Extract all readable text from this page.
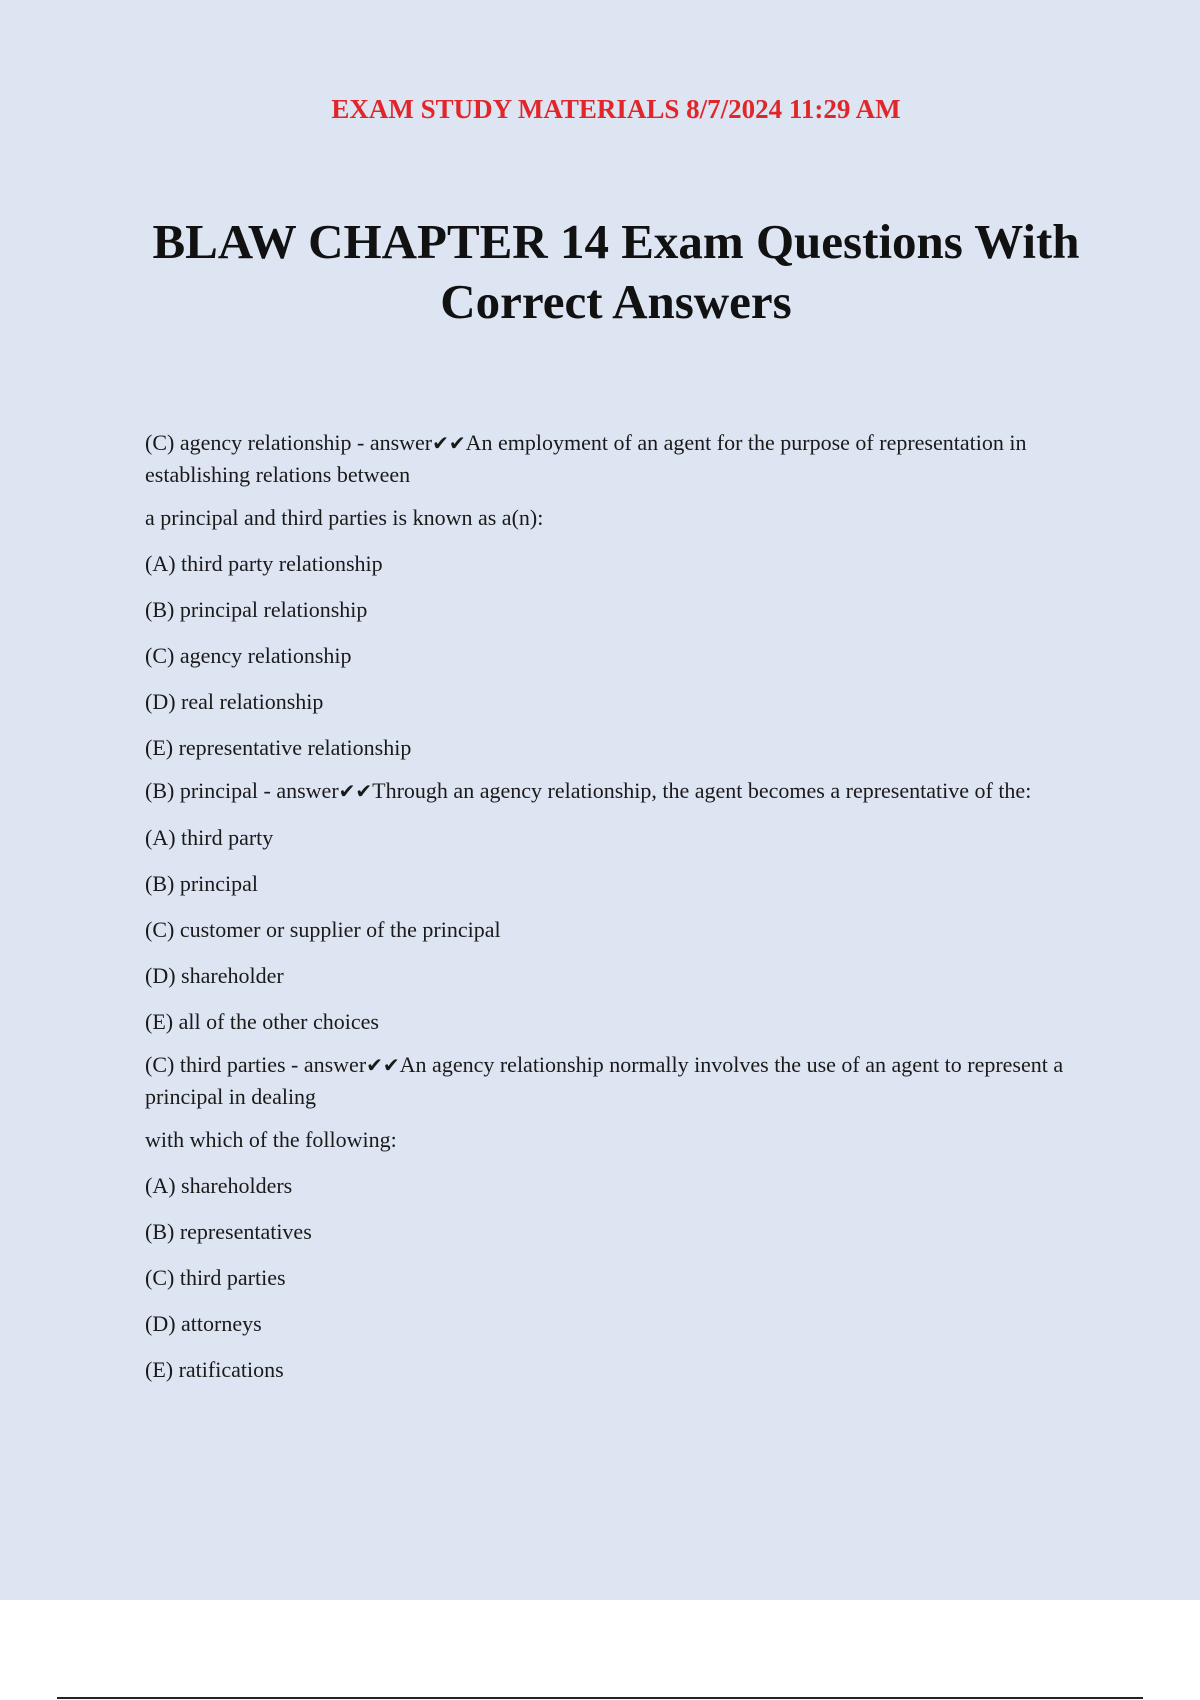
EXAM STUDY MATERIALS 8/7/2024 11:29 AM
BLAW CHAPTER 14 Exam Questions With
Correct Answers

(C) agency relationship - answer✔✔An employment of an agent for the purpose of representation in establishing relations between

a principal and third parties is known as a(n):

(A) third party relationship

(B) principal relationship

(C) agency relationship

(D) real relationship

(E) representative relationship

(B) principal - answer✔✔Through an agency relationship, the agent becomes a representative of the:

(A) third party

(B) principal

(C) customer or supplier of the principal

(D) shareholder

(E) all of the other choices

(C) third parties - answer✔✔An agency relationship normally involves the use of an agent to represent a principal in dealing

with which of the following:

(A) shareholders

(B) representatives

(C) third parties

(D) attorneys

(E) ratifications
